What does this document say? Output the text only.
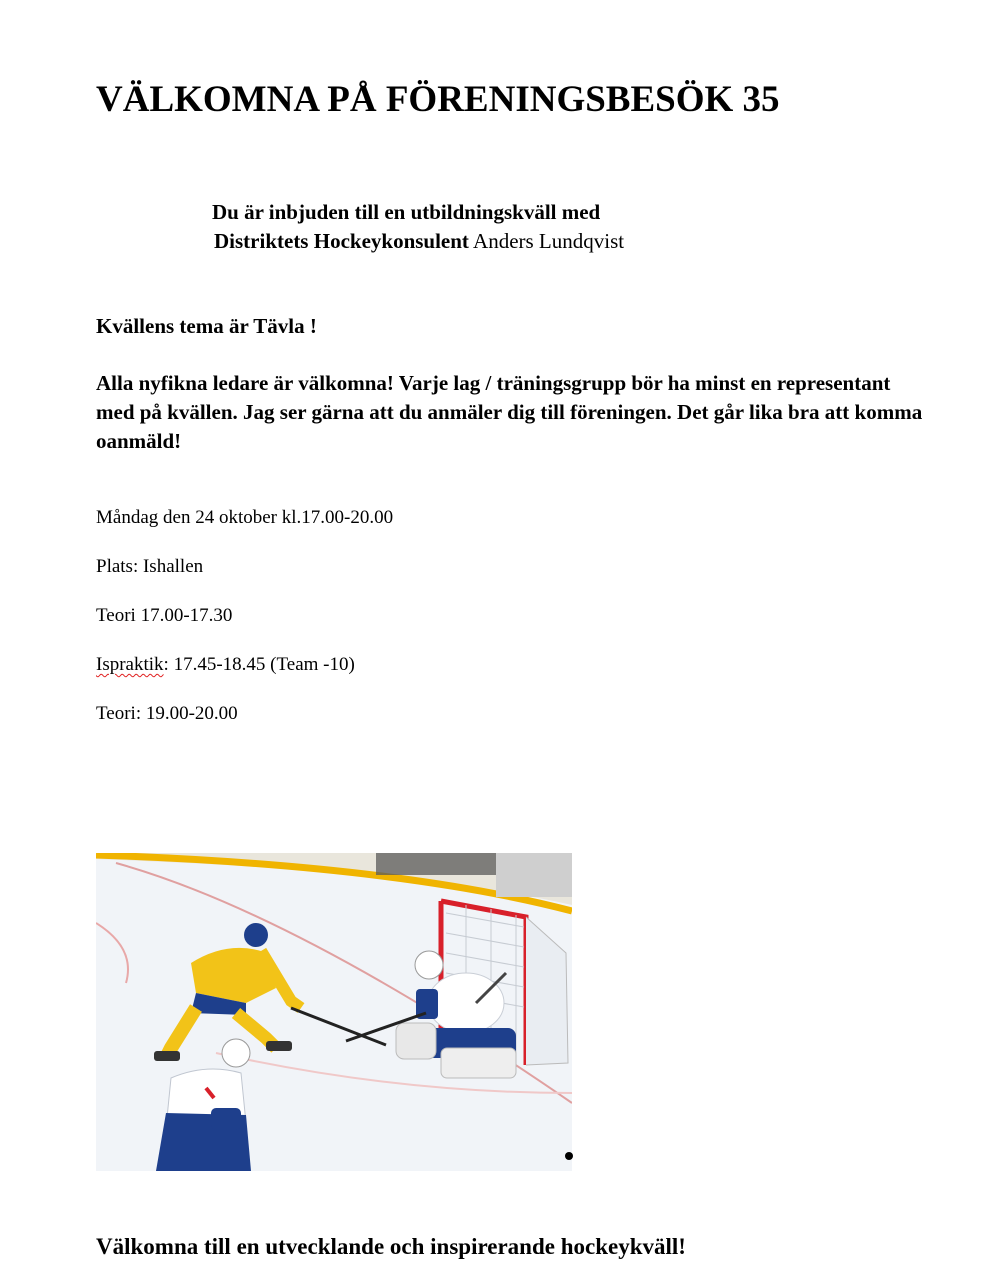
VÄLKOMNA PÅ FÖRENINGSBESÖK 35
Du är inbjuden till en utbildningskväll med
Distriktets Hockeykonsulent Anders Lundqvist
Kvällens tema är Tävla !
Alla nyfikna ledare är välkomna! Varje lag / träningsgrupp bör ha minst en representant med på kvällen. Jag ser gärna att du anmäler dig till föreningen. Det går lika bra att komma oanmäld!
Måndag den 24 oktober kl.17.00-20.00
Plats: Ishallen
Teori 17.00-17.30
Ispraktik: 17.45-18.45 (Team -10)
Teori: 19.00-20.00
Välkomna till en utvecklande och inspirerande hockeykväll!
